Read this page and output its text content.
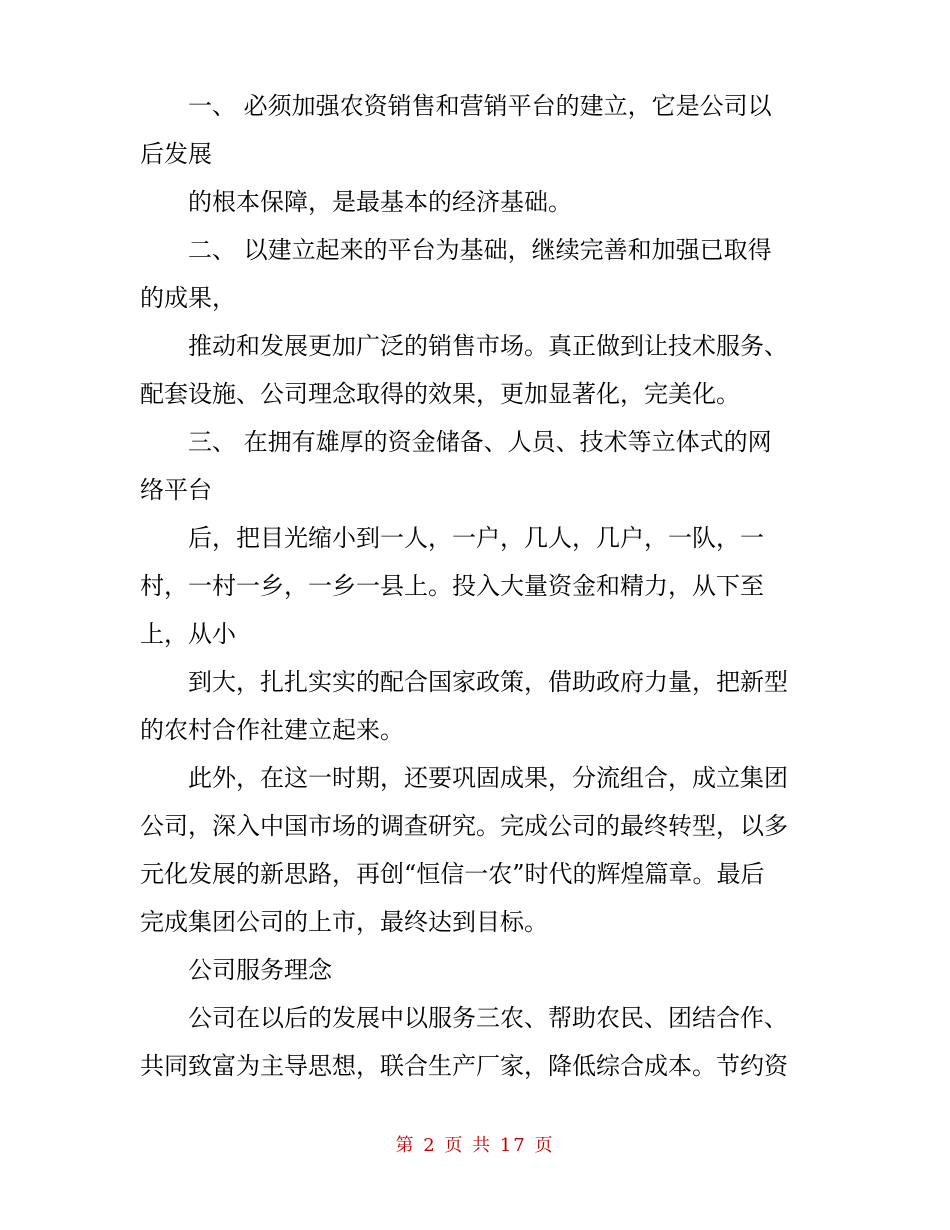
一、 必须加强农资销售和营销平台的建立，它是公司以

后发展

的根本保障，是最基本的经济基础。

二、 以建立起来的平台为基础，继续完善和加强已取得

的成果，

推动和发展更加广泛的销售市场。真正做到让技术服务、

配套设施、公司理念取得的效果，更加显著化，完美化。

三、 在拥有雄厚的资金储备、人员、技术等立体式的网

络平台

后，把目光缩小到一人，一户，几人，几户，一队，一

村，一村一乡，一乡一县上。投入大量资金和精力，从下至

上，从小

到大，扎扎实实的配合国家政策，借助政府力量，把新型

的农村合作社建立起来。

此外，在这一时期，还要巩固成果，分流组合，成立集团

公司，深入中国市场的调查研究。完成公司的最终转型，以多

元化发展的新思路，再创“恒信一农”时代的辉煌篇章。最后

完成集团公司的上市，最终达到目标。

公司服务理念

公司在以后的发展中以服务三农、帮助农民、团结合作、

共同致富为主导思想，联合生产厂家，降低综合成本。节约资

第 2 页 共 17 页
